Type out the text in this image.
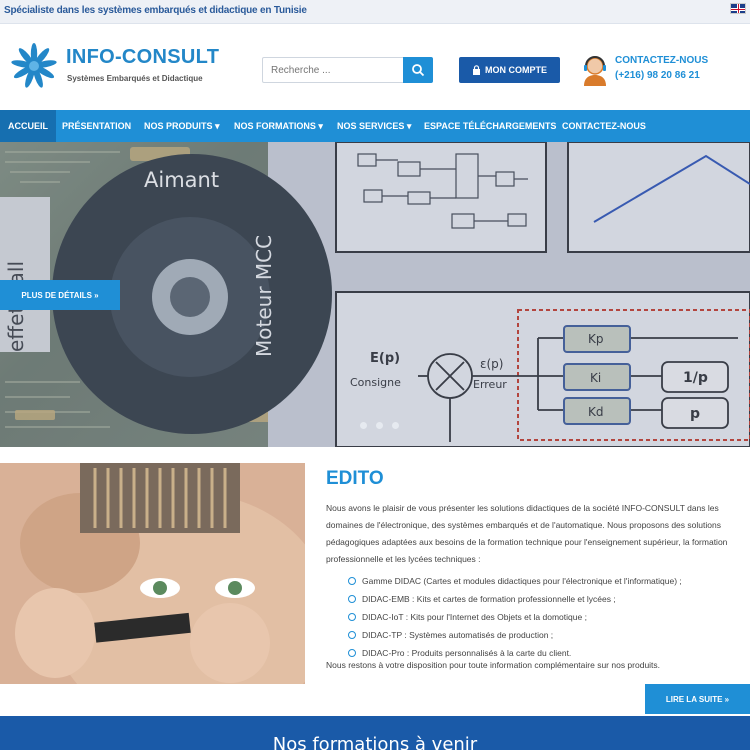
Spécialiste dans les systèmes embarqués et didactique en Tunisie
INFO-CONSULT
Systèmes Embarqués et Didactique
Recherche ...
MON COMPTE
CONTACTEZ-NOUS
(+216) 98 20 86 21
ACCUEIL	PRÉSENTATION NOS PRODUITS ▾ NOS FORMATIONS ▾ NOS SERVICES ▾ ESPACE TÉLÉCHARGEMENTS CONTACTEZ-NOUS
Kp
Ki
Kd
1/p
p
E(p)
Consigne
ε(p)
Erreur
Aimant
Moteur MCC
PLUS DE DÉTAILS »
EDITO
Nous avons le plaisir de vous présenter les solutions didactiques de la société INFO-CONSULT dans les domaines de l'électronique, des systèmes embarqués et de l'automatique. Nous proposons des solutions pédagogiques adaptées aux besoins de la formation technique pour l'enseignement supérieur, la formation professionnelle et les lycées techniques :
Gamme DIDAC (Cartes et modules didactiques pour l'électronique et l'informatique) ;
DIDAC-EMB : Kits et cartes de formation professionnelle et lycées ;
DIDAC-IoT : Kits pour l'Internet des Objets et la domotique ;
DIDAC-TP : Systèmes automatisés de production ;
DIDAC-Pro : Produits personnalisés à la carte du client.
Nous restons à votre disposition pour toute information complémentaire sur nos produits.
LIRE LA SUITE »
Nos formations à venir
